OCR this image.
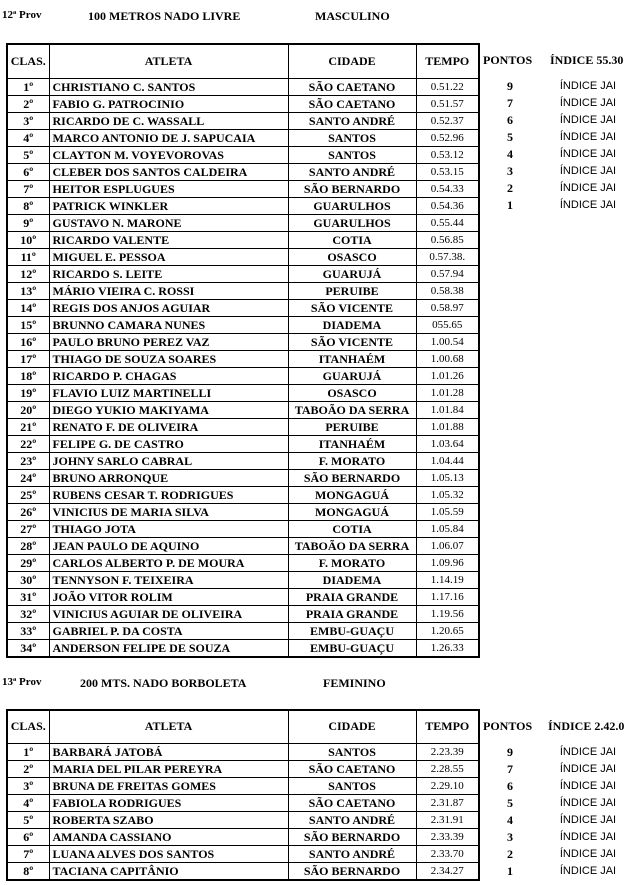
12ª Prov	100 METROS NADO LIVRE	MASCULINO
CLAS.	ATLETA	CIDADE	TEMPO
1º	CHRISTIANO C. SANTOS	SÃO CAETANO	0.51.22
2º	FABIO G. PATROCINIO	SÃO CAETANO	0.51.57
3º	RICARDO DE C. WASSALL	SANTO ANDRÉ	0.52.37
4º	MARCO ANTONIO DE J. SAPUCAIA	SANTOS	0.52.96
5º	CLAYTON M. VOYEVOROVAS	SANTOS	0.53.12
6º	CLEBER DOS SANTOS CALDEIRA	SANTO ANDRÉ	0.53.15
7º	HEITOR ESPLUGUES	SÃO BERNARDO	0.54.33
8º	PATRICK WINKLER	GUARULHOS	0.54.36
9º	GUSTAVO N. MARONE	GUARULHOS	0.55.44
10º	RICARDO VALENTE	COTIA	0.56.85
11º	MIGUEL E. PESSOA	OSASCO	0.57.38.
12º	RICARDO S. LEITE	GUARUJÁ	0.57.94
13º	MÁRIO VIEIRA C. ROSSI	PERUIBE	0.58.38
14º	REGIS DOS ANJOS AGUIAR	SÃO VICENTE	0.58.97
15º	BRUNNO CAMARA NUNES	DIADEMA	055.65
16º	PAULO BRUNO PEREZ VAZ	SÃO VICENTE	1.00.54
17º	THIAGO DE SOUZA SOARES	ITANHAÉM	1.00.68
18º	RICARDO P. CHAGAS	GUARUJÁ	1.01.26
19º	FLAVIO LUIZ MARTINELLI	OSASCO	1.01.28
20º	DIEGO YUKIO MAKIYAMA	TABOÃO DA SERRA	1.01.84
21º	RENATO F. DE OLIVEIRA	PERUIBE	1.01.88
22º	FELIPE G. DE CASTRO	ITANHAÉM	1.03.64
23º	JOHNY SARLO CABRAL	F. MORATO	1.04.44
24º	BRUNO ARRONQUE	SÃO BERNARDO	1.05.13
25º	RUBENS CESAR T. RODRIGUES	MONGAGUÁ	1.05.32
26º	VINICIUS DE MARIA SILVA	MONGAGUÁ	1.05.59
27º	THIAGO JOTA	COTIA	1.05.84
28º	JEAN PAULO DE AQUINO	TABOÃO DA SERRA	1.06.07
29º	CARLOS ALBERTO P. DE MOURA	F. MORATO	1.09.96
30º	TENNYSON F. TEIXEIRA	DIADEMA	1.14.19
31º	JOÃO VITOR ROLIM	PRAIA GRANDE	1.17.16
32º	VINICIUS AGUIAR DE OLIVEIRA	PRAIA GRANDE	1.19.56
33º	GABRIEL P. DA COSTA	EMBU-GUAÇU	1.20.65
34º	ANDERSON FELIPE DE SOUZA	EMBU-GUAÇU	1.26.33
PONTOS ÍNDICE 55.30
9	ÍNDICE JAI
7	ÍNDICE JAI
6	ÍNDICE JAI
5	ÍNDICE JAI
4	ÍNDICE JAI
3	ÍNDICE JAI
2	ÍNDICE JAI
1	ÍNDICE JAI
13ª Prov	200 MTS. NADO BORBOLETA	FEMININO
CLAS.	ATLETA	CIDADE	TEMPO
1º	BARBARÁ JATOBÁ	SANTOS	2.23.39
2º	MARIA DEL PILAR PEREYRA	SÃO CAETANO	2.28.55
3º	BRUNA DE FREITAS GOMES	SANTOS	2.29.10
4º	FABIOLA RODRIGUES	SÃO CAETANO	2.31.87
5º	ROBERTA SZABO	SANTO ANDRÉ	2.31.91
6º	AMANDA CASSIANO	SÃO BERNARDO	2.33.39
7º	LUANA ALVES DOS SANTOS	SANTO ANDRÉ	2.33.70
8º	TACIANA CAPITÂNIO	SÃO BERNARDO	2.34.27
PONTOS ÍNDICE 2.42.0
9	ÍNDICE JAI
7	ÍNDICE JAI
6	ÍNDICE JAI
5	ÍNDICE JAI
4	ÍNDICE JAI
3	ÍNDICE JAI
2	ÍNDICE JAI
1	ÍNDICE JAI
